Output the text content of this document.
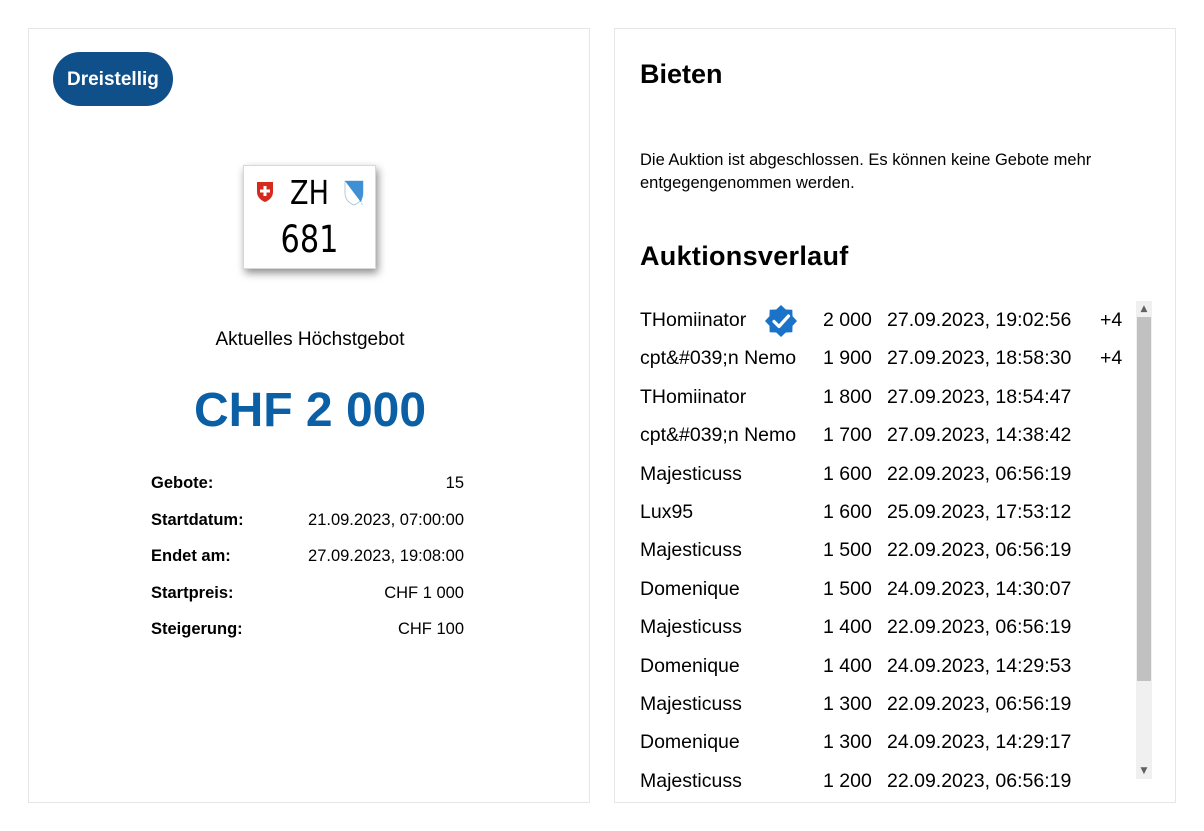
Dreistellig
ZH
681
Aktuelles Höchstgebot
CHF 2 000
Gebote:	15
Startdatum:	21.09.2023, 07:00:00
Endet am:	27.09.2023, 19:08:00
Startpreis:	CHF 1 000
Steigerung:	CHF 100
Bieten
Die Auktion ist abgeschlossen. Es können keine Gebote mehr entgegengenommen werden.
Auktionsverlauf
THomiinator	2 000 27.09.2023, 19:02:56 +4
cpt&#039;n Nemo 1 900 27.09.2023, 18:58:30 +4
THomiinator	1 800 27.09.2023, 18:54:47
cpt&#039;n Nemo 1 700 27.09.2023, 14:38:42
Majesticuss	1 600 22.09.2023, 06:56:19
Lux95	1 600 25.09.2023, 17:53:12
Majesticuss	1 500 22.09.2023, 06:56:19
Domenique	1 500 24.09.2023, 14:30:07
Majesticuss	1 400 22.09.2023, 06:56:19
Domenique	1 400 24.09.2023, 14:29:53
Majesticuss	1 300 22.09.2023, 06:56:19
Domenique	1 300 24.09.2023, 14:29:17
Majesticuss	1 200 22.09.2023, 06:56:19
▲
▼
